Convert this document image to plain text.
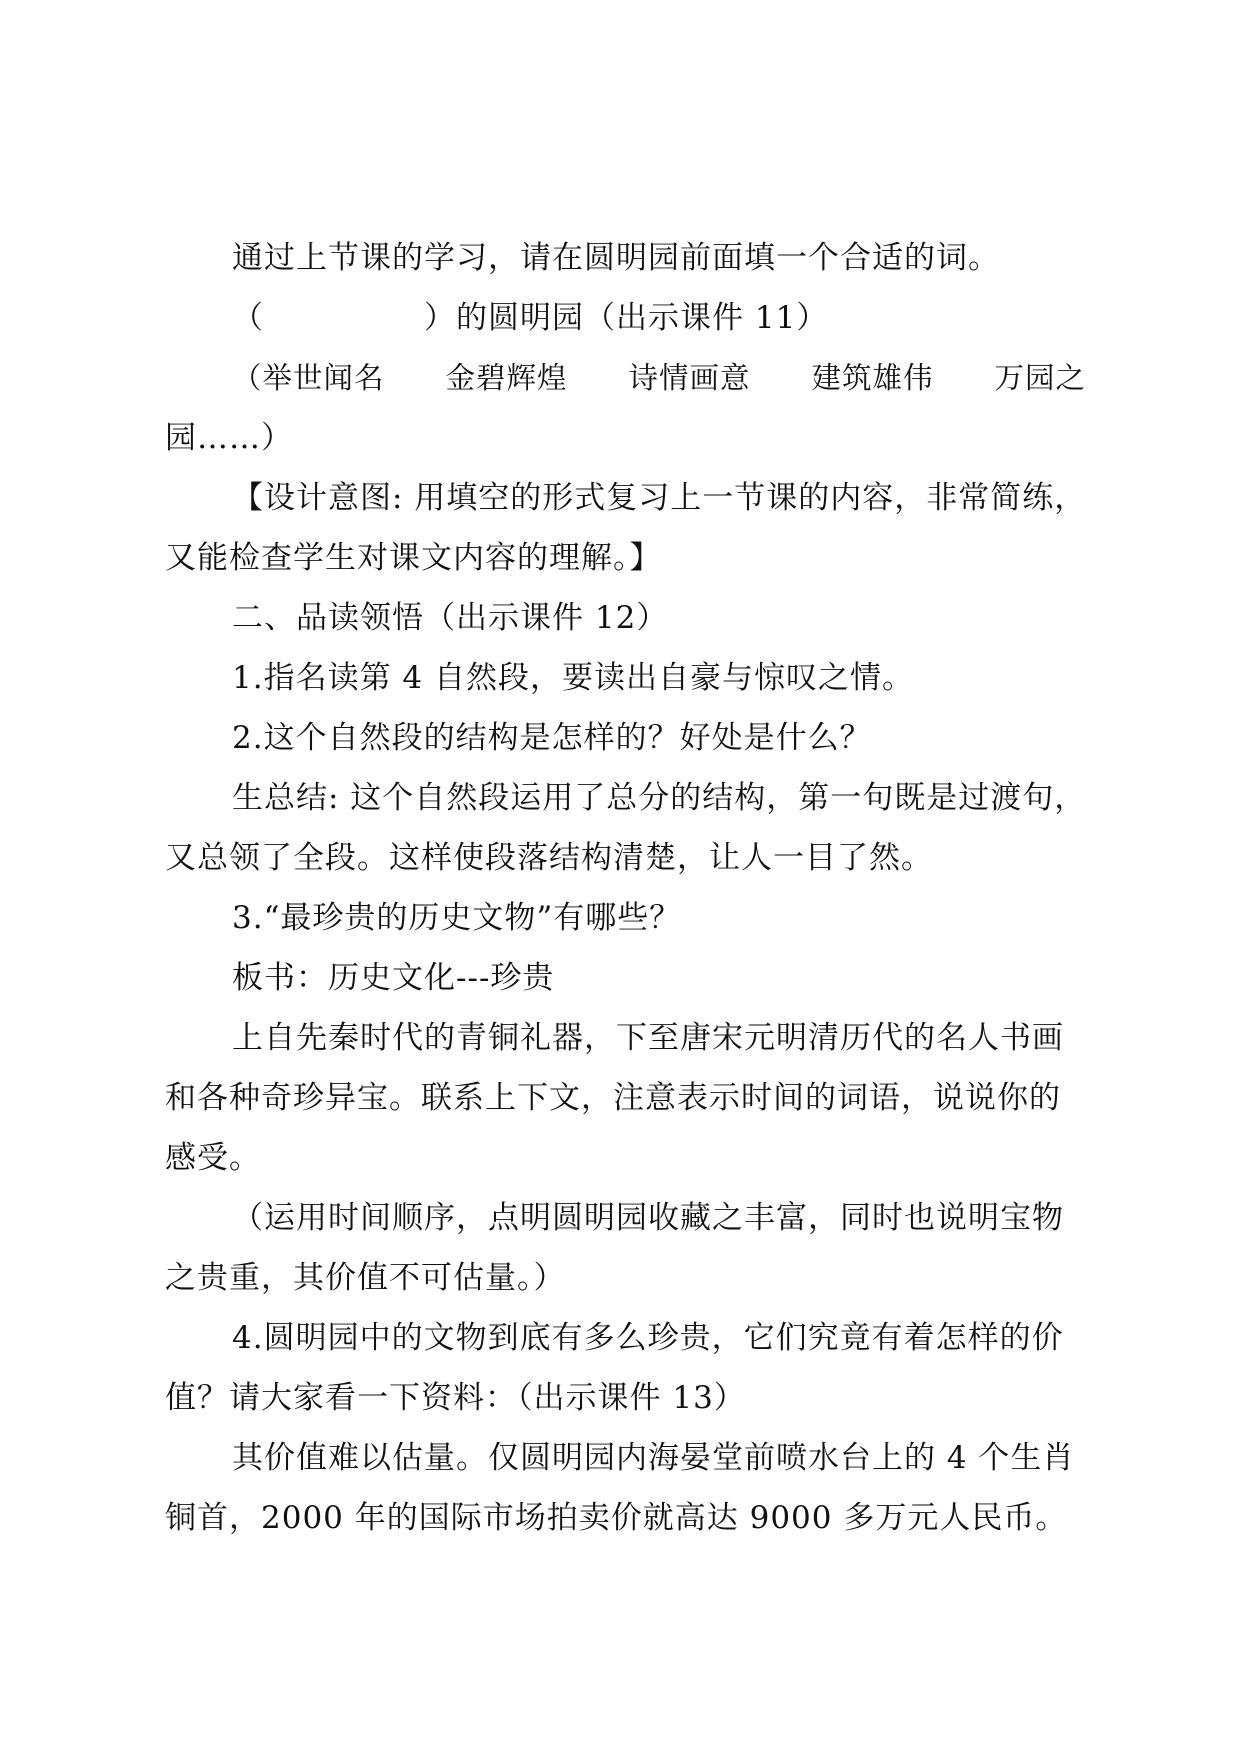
通过上节课的学习，请在圆明园前面填一个合适的词。
（　　　　　）的圆明园（出示课件 11）
（举世闻名　　金碧辉煌　　诗情画意　　建筑雄伟　　万园之
园……）
【设计意图: 用填空的形式复习上一节课的内容，非常简练，
又能检查学生对课文内容的理解。】
二、品读领悟（出示课件 12）
1.指名读第 4 自然段，要读出自豪与惊叹之情。
2.这个自然段的结构是怎样的？好处是什么？
生总结: 这个自然段运用了总分的结构，第一句既是过渡句，
又总领了全段。这样使段落结构清楚，让人一目了然。
3.“最珍贵的历史文物”有哪些？
板书：历史文化---珍贵
上自先秦时代的青铜礼器，下至唐宋元明清历代的名人书画
和各种奇珍异宝。联系上下文，注意表示时间的词语，说说你的
感受。
（运用时间顺序，点明圆明园收藏之丰富，同时也说明宝物
之贵重，其价值不可估量。）
4.圆明园中的文物到底有多么珍贵，它们究竟有着怎样的价
值？请大家看一下资料：（出示课件 13）
其价值难以估量。仅圆明园内海晏堂前喷水台上的 4 个生肖
铜首，2000 年的国际市场拍卖价就高达 9000 多万元人民币。
